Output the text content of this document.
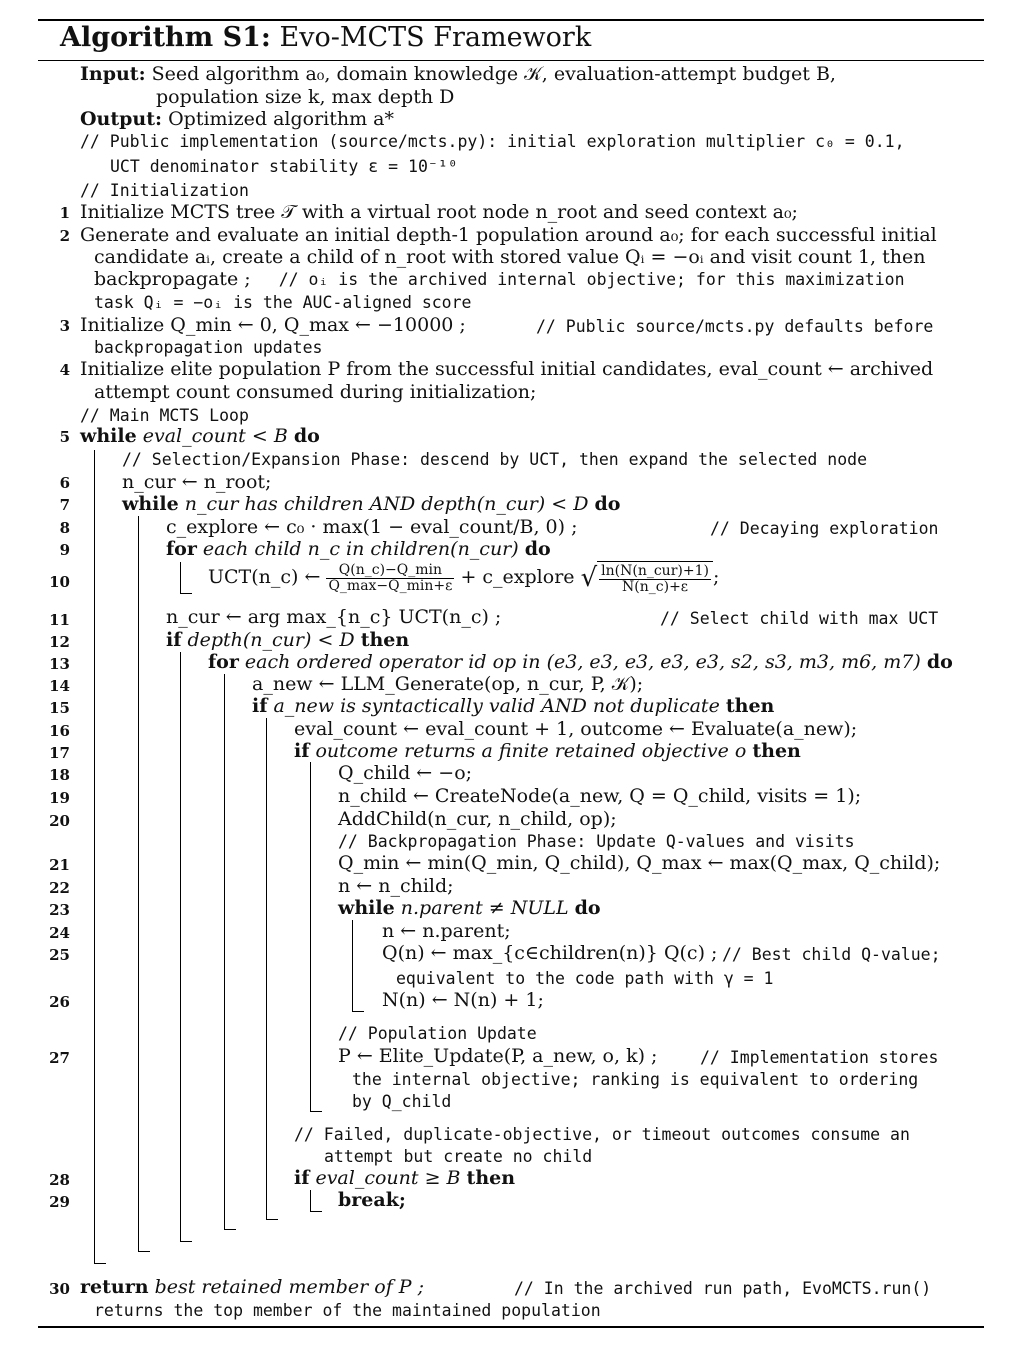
Algorithm S1: Evo-MCTS Framework
Input: Seed algorithm a₀, domain knowledge 𝒦, evaluation-attempt budget B,
population size k, max depth D
Output: Optimized algorithm a*
// Public implementation (source/mcts.py): initial exploration multiplier c₀ = 0.1,
UCT denominator stability ε = 10⁻¹⁰
// Initialization
1 Initialize MCTS tree 𝒯 with a virtual root node n_root and seed context a₀;
2 Generate and evaluate an initial depth-1 population around a₀; for each successful initial
candidate aᵢ, create a child of n_root with stored value Qᵢ = −oᵢ and visit count 1, then
backpropagate ; // oᵢ is the archived internal objective; for this maximization
task Qᵢ = −oᵢ is the AUC-aligned score
3 Initialize Q_min ← 0, Q_max ← −10000 ;	// Public source/mcts.py defaults before
backpropagation updates
4 Initialize elite population P from the successful initial candidates, eval_count ← archived
attempt count consumed during initialization;
// Main MCTS Loop
5 while eval_count < B do
// Selection/Expansion Phase: descend by UCT, then expand the selected node
6	n_cur ← n_root;
7	while n_cur has children AND depth(n_cur) < D do
8	c_explore ← c₀ · max(1 − eval_count/B, 0) ;	// Decaying exploration
9	for each child n_c in children(n_cur) do
10	UCT(n_c) ← $\frac{Q(n\_c)-Q\_\min}{Q\_\max-Q\_\min+\varepsilon}$ + c_explore √ $\frac{\text{ln(N(n\_cur)+1)}}{N(n\_c)+\varepsilon}$ ;
11	n_cur ← arg max_{n_c} UCT(n_c) ;	// Select child with max UCT
12	if depth(n_cur) < D then
13	for each ordered operator id op in (e3, e3, e3, e3, e3, s2, s3, m3, m6, m7) do
14	a_new ← LLM_Generate(op, n_cur, P, 𝒦);
15	if a_new is syntactically valid AND not duplicate then
16	eval_count ← eval_count + 1, outcome ← Evaluate(a_new);
17	if outcome returns a finite retained objective o then
18	Q_child ← −o;
19	n_child ← CreateNode(a_new, Q = Q_child, visits = 1);
20	AddChild(n_cur, n_child, op);
// Backpropagation Phase: Update Q-values and visits
21	Q_min ← min(Q_min, Q_child), Q_max ← max(Q_max, Q_child);
22	n ← n_child;
23	while n.parent ≠ NULL do
24	n ← n.parent;
25	Q(n) ← max_{c∈children(n)} Q(c) ; // Best child Q-value;
equivalent to the code path with γ = 1
26	N(n) ← N(n) + 1;
// Population Update
27	P ← Elite_Update(P, a_new, o, k) ;	// Implementation stores
the internal objective; ranking is equivalent to ordering
by Q_child
// Failed, duplicate-objective, or timeout outcomes consume an
attempt but create no child
28	if eval_count ≥ B then
29	break;
30 return best retained member of P ;	// In the archived run path, EvoMCTS.run()
returns the top member of the maintained population
